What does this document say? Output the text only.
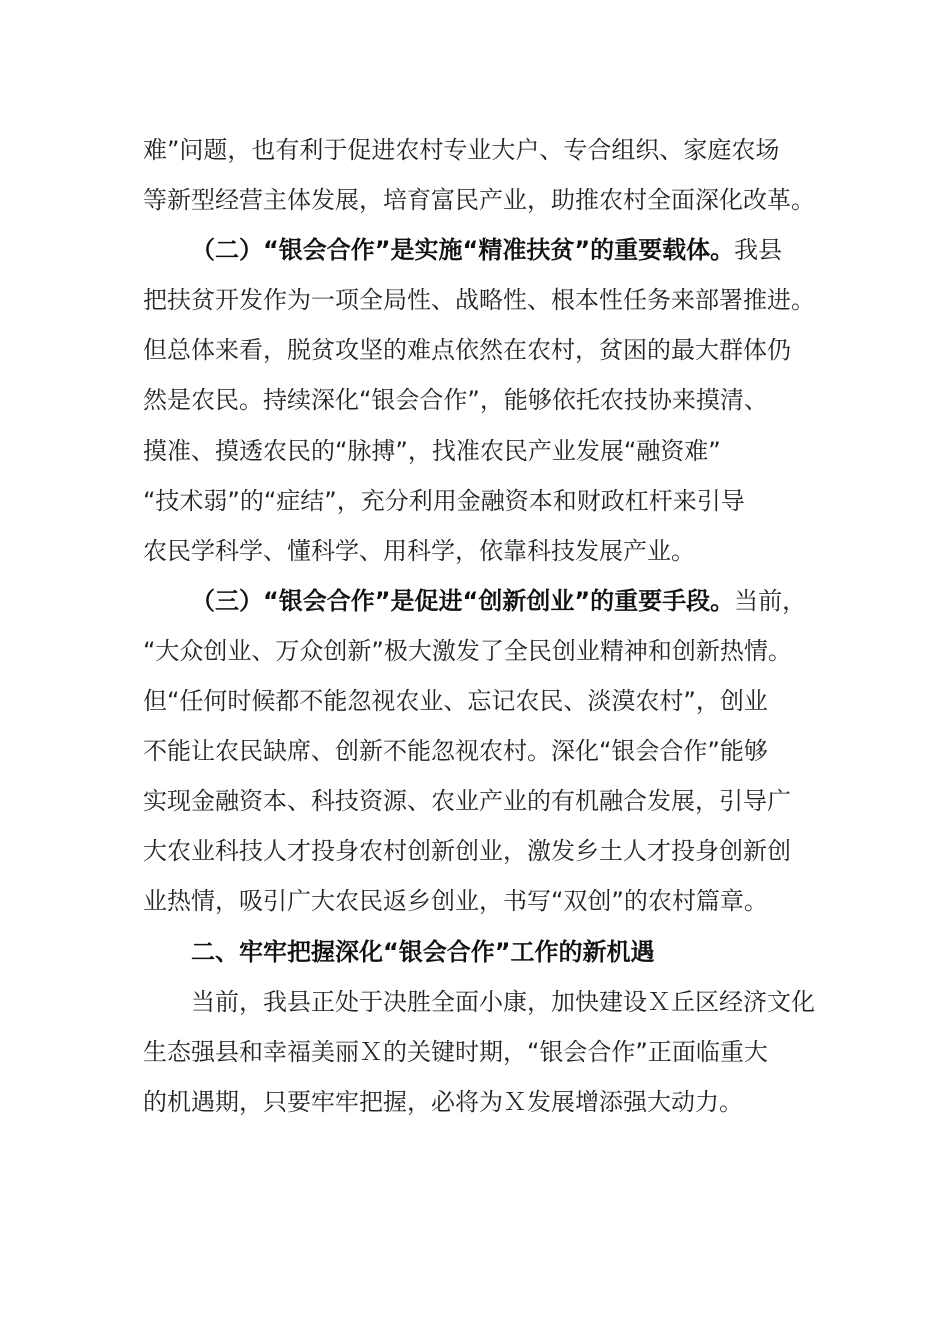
难”问题，也有利于促进农村专业大户、专合组织、家庭农场
等新型经营主体发展，培育富民产业，助推农村全面深化改革。
（二）“银会合作”是实施“精准扶贫”的重要载体。我县
把扶贫开发作为一项全局性、战略性、根本性任务来部署推进。
但总体来看，脱贫攻坚的难点依然在农村，贫困的最大群体仍
然是农民。持续深化“银会合作”，能够依托农技协来摸清、
摸准、摸透农民的“脉搏”，找准农民产业发展“融资难”
“技术弱”的“症结”，充分利用金融资本和财政杠杆来引导
农民学科学、懂科学、用科学，依靠科技发展产业。
（三）“银会合作”是促进“创新创业”的重要手段。当前，
“大众创业、万众创新”极大激发了全民创业精神和创新热情。
但“任何时候都不能忽视农业、忘记农民、淡漠农村”，创业
不能让农民缺席、创新不能忽视农村。深化“银会合作”能够
实现金融资本、科技资源、农业产业的有机融合发展，引导广
大农业科技人才投身农村创新创业，激发乡土人才投身创新创
业热情，吸引广大农民返乡创业，书写“双创”的农村篇章。
二、牢牢把握深化“银会合作”工作的新机遇
当前，我县正处于决胜全面小康，加快建设Ｘ丘区经济文化
生态强县和幸福美丽Ｘ的关键时期，“银会合作”正面临重大
的机遇期，只要牢牢把握，必将为Ｘ发展增添强大动力。
